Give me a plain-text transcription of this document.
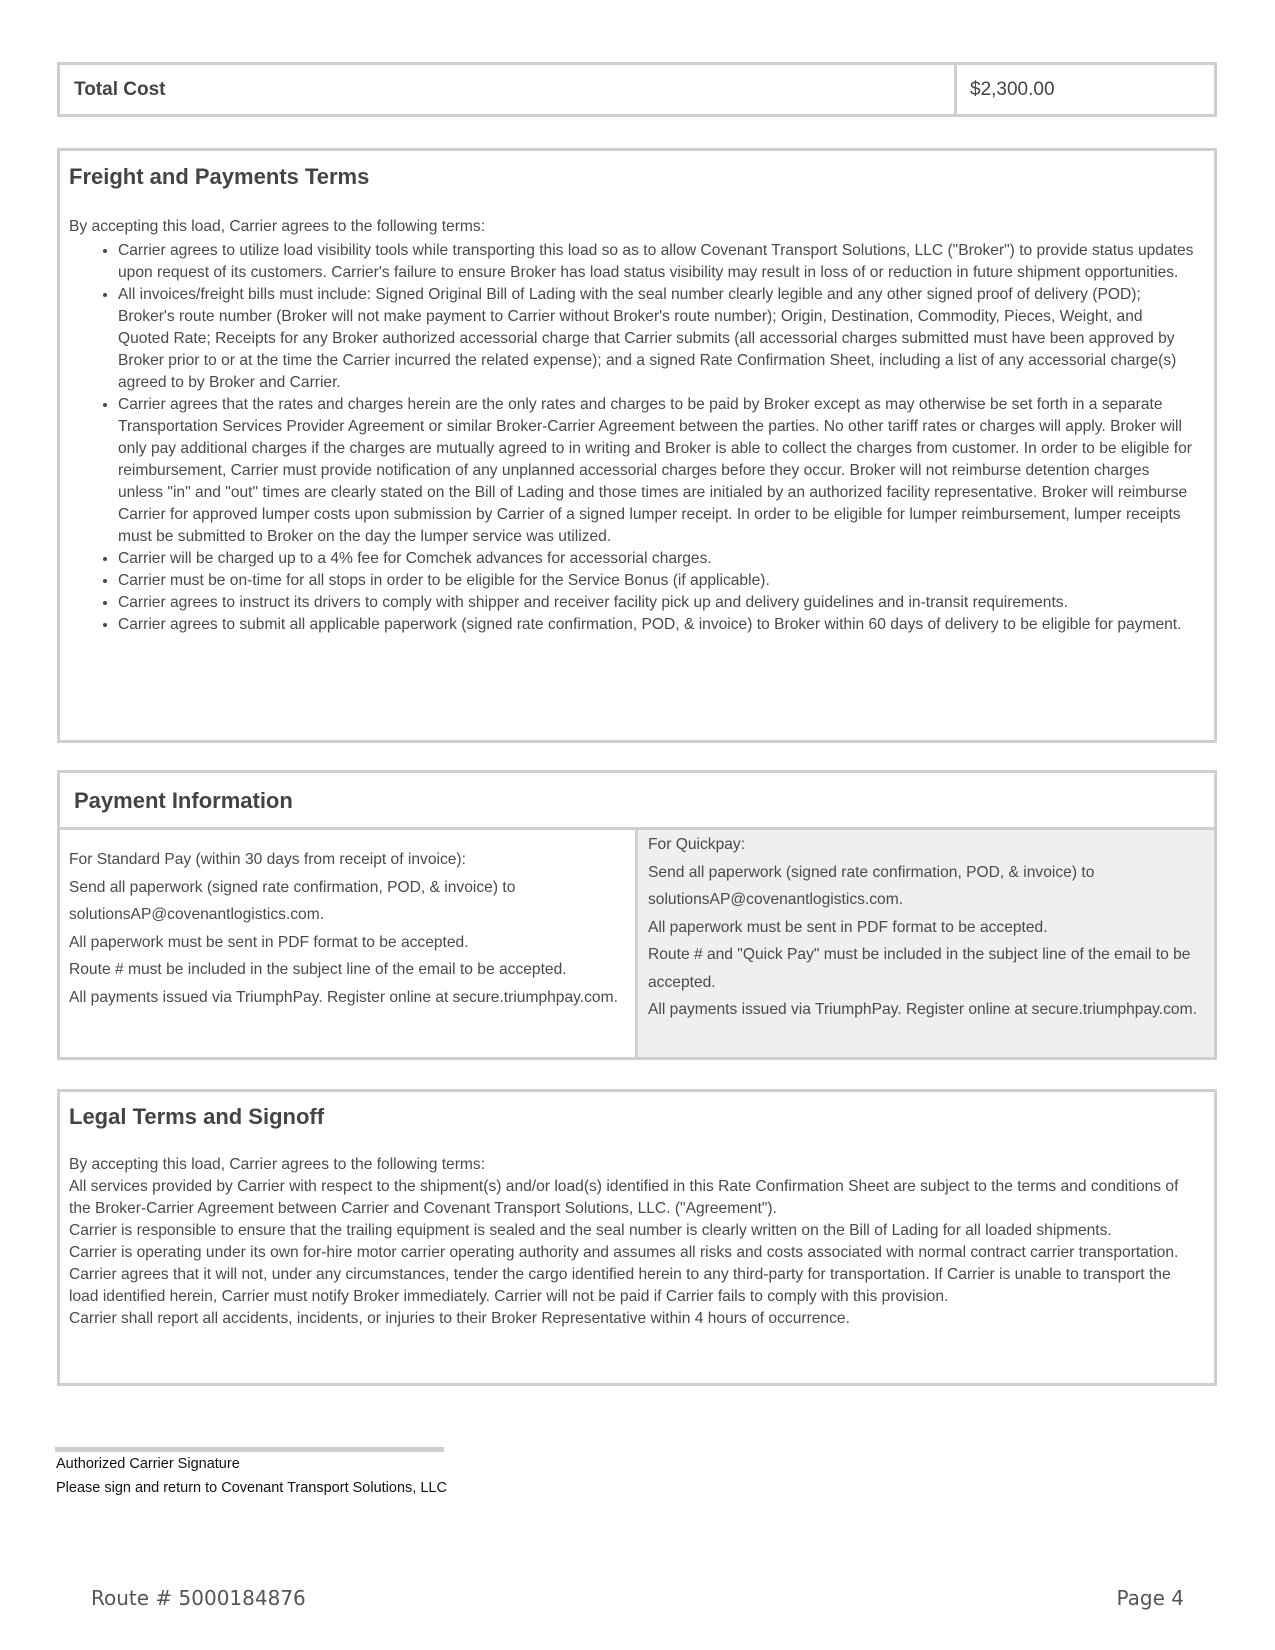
Total Cost	$2,300.00
Freight and Payments Terms
By accepting this load, Carrier agrees to the following terms:
• Carrier agrees to utilize load visibility tools while transporting this load so as to allow Covenant Transport Solutions, LLC ("Broker") to provide status updates upon request of its customers. Carrier's failure to ensure Broker has load status visibility may result in loss of or reduction in future shipment opportunities.
• All invoices/freight bills must include: Signed Original Bill of Lading with the seal number clearly legible and any other signed proof of delivery (POD); Broker's route number (Broker will not make payment to Carrier without Broker's route number); Origin, Destination, Commodity, Pieces, Weight, and Quoted Rate; Receipts for any Broker authorized accessorial charge that Carrier submits (all accessorial charges submitted must have been approved by Broker prior to or at the time the Carrier incurred the related expense); and a signed Rate Confirmation Sheet, including a list of any accessorial charge(s) agreed to by Broker and Carrier.
• Carrier agrees that the rates and charges herein are the only rates and charges to be paid by Broker except as may otherwise be set forth in a separate Transportation Services Provider Agreement or similar Broker-Carrier Agreement between the parties. No other tariff rates or charges will apply. Broker will only pay additional charges if the charges are mutually agreed to in writing and Broker is able to collect the charges from customer. In order to be eligible for reimbursement, Carrier must provide notification of any unplanned accessorial charges before they occur. Broker will not reimburse detention charges unless "in" and "out" times are clearly stated on the Bill of Lading and those times are initialed by an authorized facility representative. Broker will reimburse Carrier for approved lumper costs upon submission by Carrier of a signed lumper receipt. In order to be eligible for lumper reimbursement, lumper receipts must be submitted to Broker on the day the lumper service was utilized.
• Carrier will be charged up to a 4% fee for Comchek advances for accessorial charges.
• Carrier must be on-time for all stops in order to be eligible for the Service Bonus (if applicable).
• Carrier agrees to instruct its drivers to comply with shipper and receiver facility pick up and delivery guidelines and in-transit requirements.
• Carrier agrees to submit all applicable paperwork (signed rate confirmation, POD, & invoice) to Broker within 60 days of delivery to be eligible for payment.
Payment Information

For Standard Pay (within 30 days from receipt of invoice):

Send all paperwork (signed rate confirmation, POD, & invoice) to solutionsAP@covenantlogistics.com.

All paperwork must be sent in PDF format to be accepted.

Route # must be included in the subject line of the email to be accepted.

All payments issued via TriumphPay. Register online at secure.triumphpay.com.

For Quickpay:

Send all paperwork (signed rate confirmation, POD, & invoice) to solutionsAP@covenantlogistics.com.

All paperwork must be sent in PDF format to be accepted.

Route # and "Quick Pay" must be included in the subject line of the email to be accepted.

All payments issued via TriumphPay. Register online at secure.triumphpay.com.

Legal Terms and Signoff

By accepting this load, Carrier agrees to the following terms:

All services provided by Carrier with respect to the shipment(s) and/or load(s) identified in this Rate Confirmation Sheet are subject to the terms and conditions of the Broker-Carrier Agreement between Carrier and Covenant Transport Solutions, LLC. ("Agreement").

Carrier is responsible to ensure that the trailing equipment is sealed and the seal number is clearly written on the Bill of Lading for all loaded shipments.

Carrier is operating under its own for-hire motor carrier operating authority and assumes all risks and costs associated with normal contract carrier transportation. Carrier agrees that it will not, under any circumstances, tender the cargo identified herein to any third-party for transportation. If Carrier is unable to transport the load identified herein, Carrier must notify Broker immediately. Carrier will not be paid if Carrier fails to comply with this provision.

Carrier shall report all accidents, incidents, or injuries to their Broker Representative within 4 hours of occurrence.

Authorized Carrier Signature
Please sign and return to Covenant Transport Solutions, LLC
Route # 5000184876	Page 4
